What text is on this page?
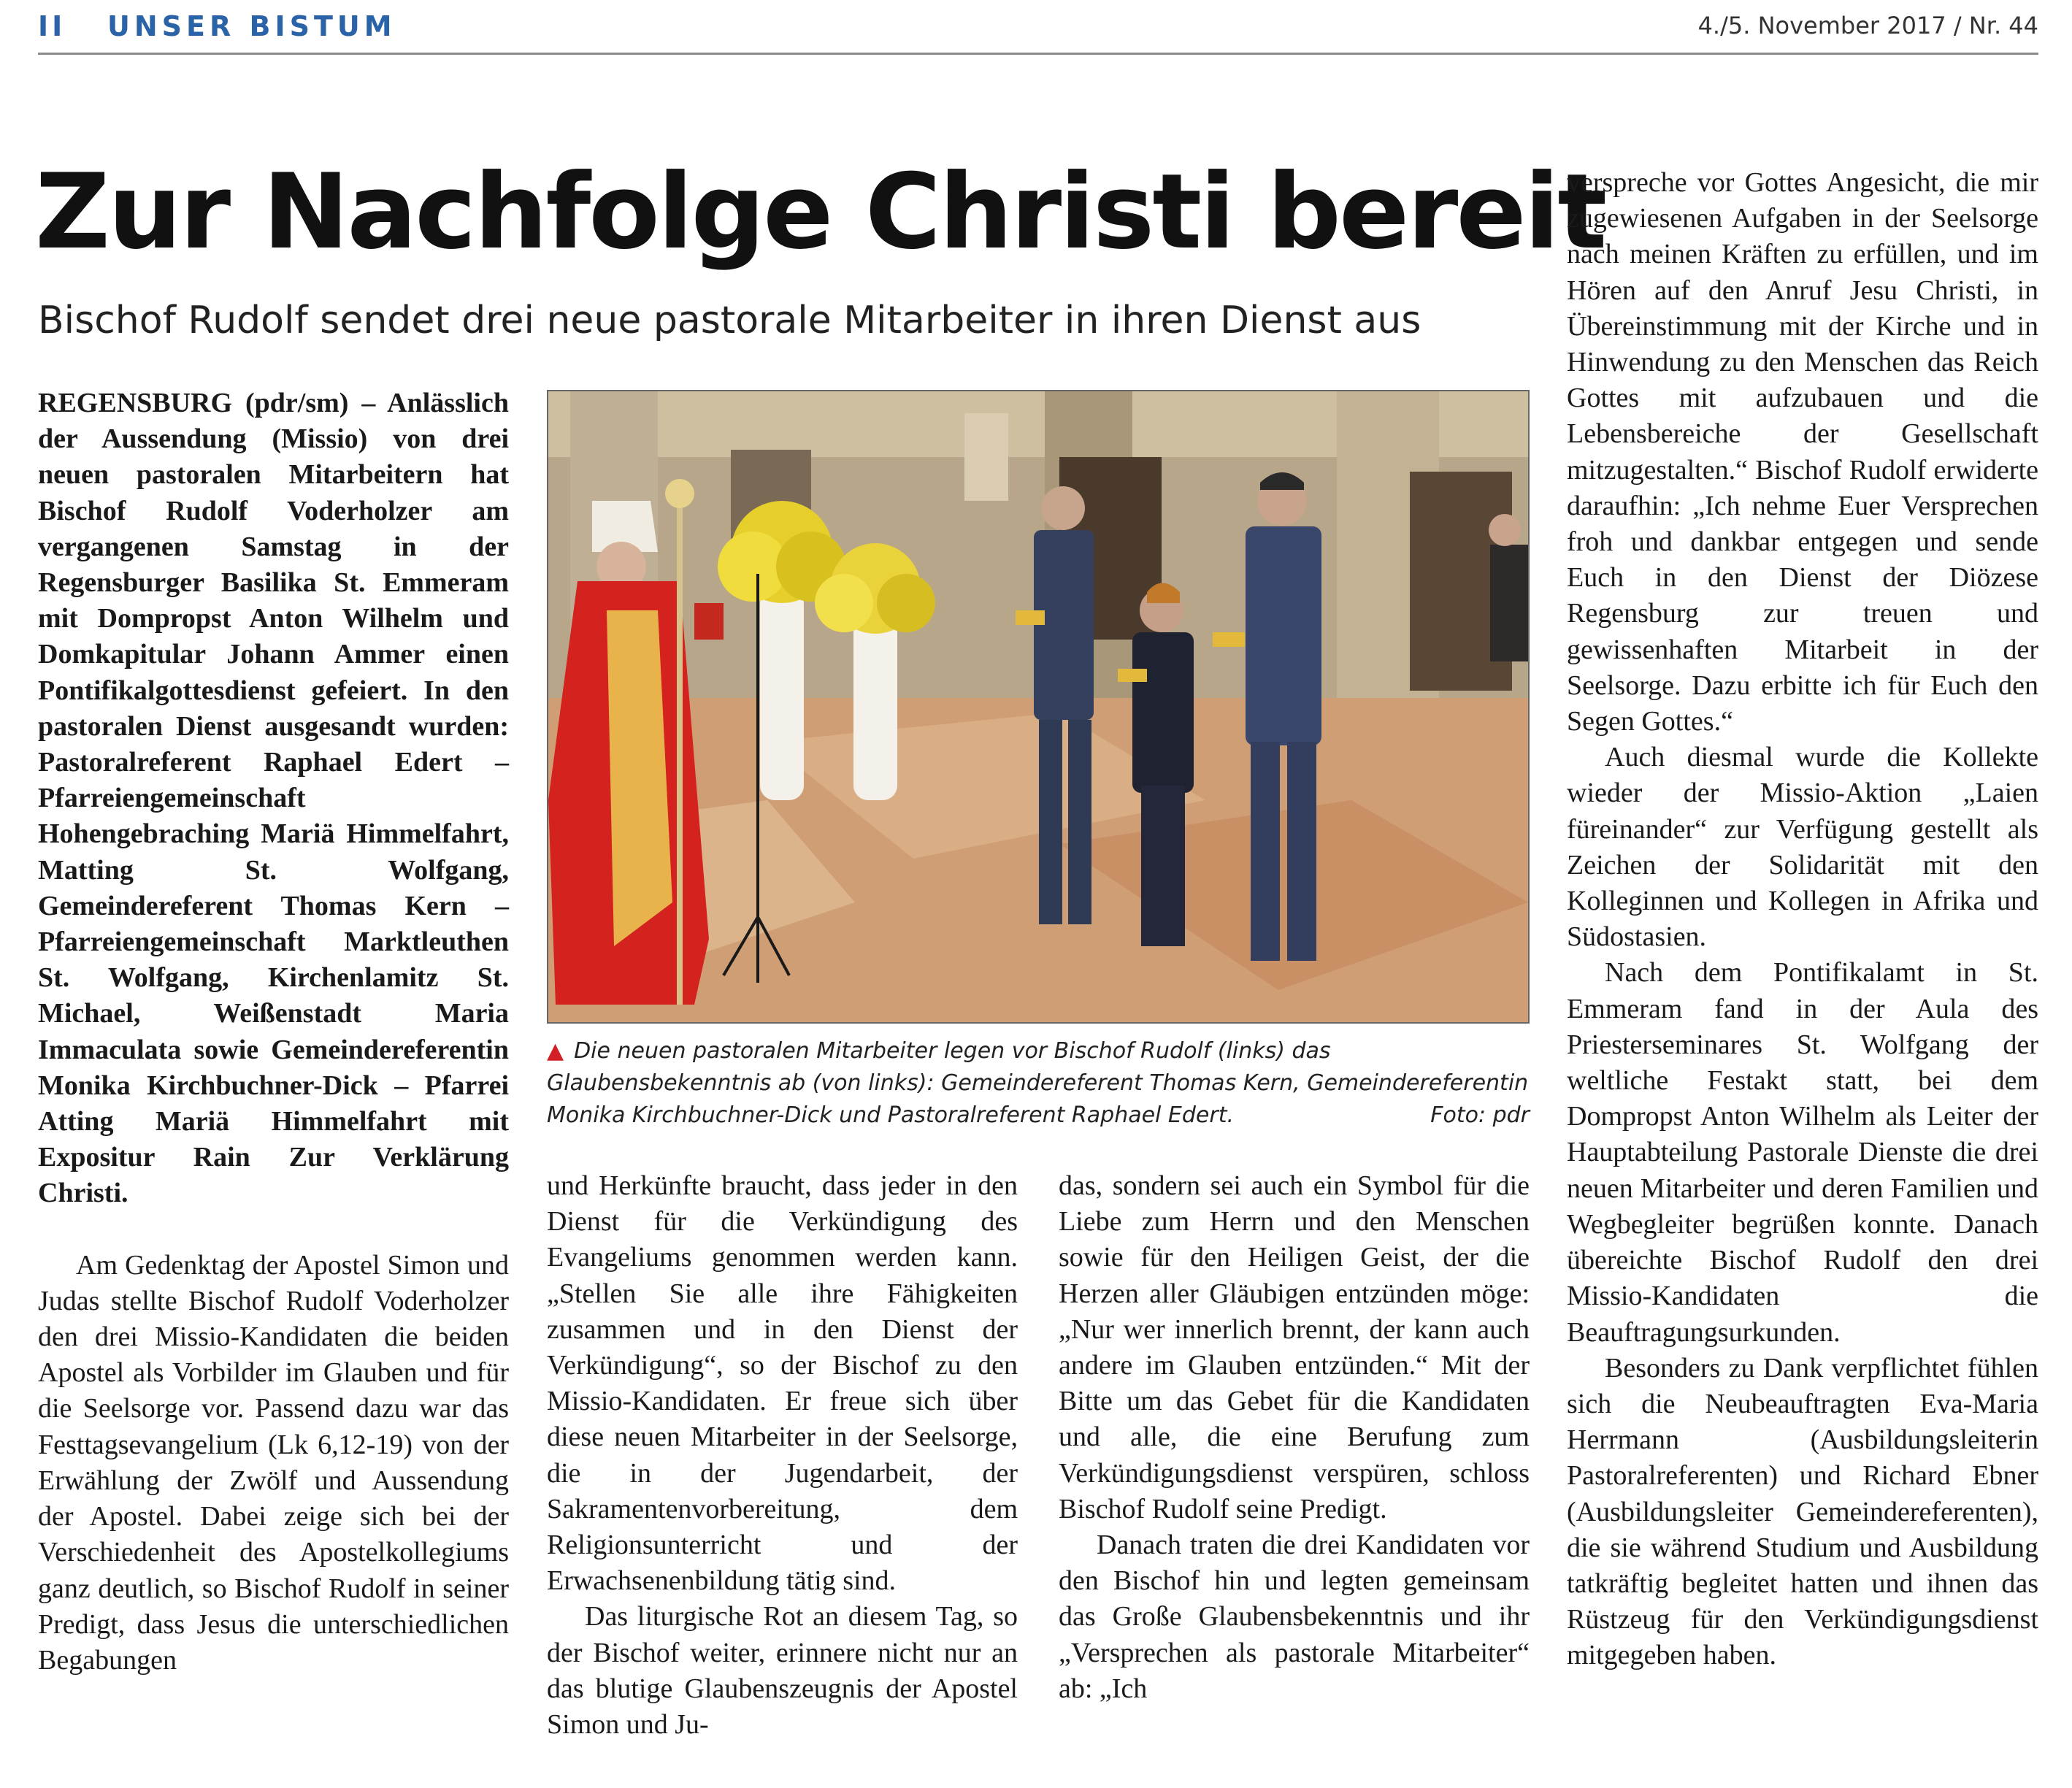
II UNSER BISTUM	4./5. November 2017 / Nr. 44
Zur Nachfolge Christi bereit
Bischof Rudolf sendet drei neue pastorale Mitarbeiter in ihren Dienst aus

REGENSBURG (pdr/sm) – Anlässlich der Aussendung (Missio) von drei neuen pastoralen Mitarbeitern hat Bischof Rudolf Voderholzer am vergangenen Samstag in der Regensburger Basilika St. Emmeram mit Dompropst Anton Wilhelm und Domkapitular Johann Ammer einen Pontifikalgottesdienst gefeiert. In den pastoralen Dienst ausgesandt wurden: Pastoralreferent Raphael Edert – Pfarreiengemeinschaft Hohengebraching Mariä Himmelfahrt, Matting St. Wolfgang, Gemeindereferent Thomas Kern – Pfarreiengemeinschaft Marktleuthen St. Wolfgang, Kirchenlamitz St. Michael, Weißenstadt Maria Immaculata sowie Gemeindereferentin Monika Kirchbuchner-Dick – Pfarrei Atting Mariä Himmelfahrt mit Expositur Rain Zur Verklärung Christi.

Am Gedenktag der Apostel Simon und Judas stellte Bischof Rudolf Voderholzer den drei Missio-Kandidaten die beiden Apostel als Vorbilder im Glauben und für die Seelsorge vor. Passend dazu war das Festtagsevangelium (Lk 6,12-19) von der Erwählung der Zwölf und Aussendung der Apostel. Dabei zeige sich bei der Verschiedenheit des Apostelkollegiums ganz deutlich, so Bischof Rudolf in seiner Predigt, dass Jesus die unterschiedlichen Begabungen

▲ Die neuen pastoralen Mitarbeiter legen vor Bischof Rudolf (links) das Glaubensbekenntnis ab (von links): Gemeindereferent Thomas Kern, Gemeindereferentin Monika Kirchbuchner-Dick und Pastoralreferent Raphael Edert.	Foto: pdr

und Herkünfte braucht, dass jeder in den Dienst für die Verkündigung des Evangeliums genommen werden kann. „Stellen Sie alle ihre Fähigkeiten zusammen und in den Dienst der Verkündigung“, so der Bischof zu den Missio-Kandidaten. Er freue sich über diese neuen Mitarbeiter in der Seelsorge, die in der Jugendarbeit, der Sakramentenvorbereitung, dem Religionsunterricht und der Erwachsenenbildung tätig sind.

Das liturgische Rot an diesem Tag, so der Bischof weiter, erinnere nicht nur an das blutige Glaubenszeugnis der Apostel Simon und Ju-

das, sondern sei auch ein Symbol für die Liebe zum Herrn und den Menschen sowie für den Heiligen Geist, der die Herzen aller Gläubigen entzünden möge: „Nur wer innerlich brennt, der kann auch andere im Glauben entzünden.“ Mit der Bitte um das Gebet für die Kandidaten und alle, die eine Berufung zum Verkündigungsdienst verspüren, schloss Bischof Rudolf seine Predigt.

Danach traten die drei Kandidaten vor den Bischof hin und legten gemeinsam das Große Glaubensbekenntnis und ihr „Versprechen als pastorale Mitarbeiter“ ab: „Ich

verspreche vor Gottes Angesicht, die mir zugewiesenen Aufgaben in der Seelsorge nach meinen Kräften zu erfüllen, und im Hören auf den Anruf Jesu Christi, in Übereinstimmung mit der Kirche und in Hinwendung zu den Menschen das Reich Gottes mit aufzubauen und die Lebensbereiche der Gesellschaft mitzugestalten.“ Bischof Rudolf erwiderte daraufhin: „Ich nehme Euer Versprechen froh und dankbar entgegen und sende Euch in den Dienst der Diözese Regensburg zur treuen und gewissenhaften Mitarbeit in der Seelsorge. Dazu erbitte ich für Euch den Segen Gottes.“

Auch diesmal wurde die Kollekte wieder der Missio-Aktion „Laien füreinander“ zur Verfügung gestellt als Zeichen der Solidarität mit den Kolleginnen und Kollegen in Afrika und Südostasien.

Nach dem Pontifikalamt in St. Emmeram fand in der Aula des Priesterseminares St. Wolfgang der weltliche Festakt statt, bei dem Dompropst Anton Wilhelm als Leiter der Hauptabteilung Pastorale Dienste die drei neuen Mitarbeiter und deren Familien und Wegbegleiter begrüßen konnte. Danach übereichte Bischof Rudolf den drei Missio-Kandidaten die Beauftragungsurkunden.

Besonders zu Dank verpflichtet fühlen sich die Neubeauftragten Eva-Maria Herrmann (Ausbildungsleiterin Pastoralreferenten) und Richard Ebner (Ausbildungsleiter Gemeindereferenten), die sie während Studium und Ausbildung tatkräftig begleitet hatten und ihnen das Rüstzeug für den Verkündigungsdienst mitgegeben haben.
